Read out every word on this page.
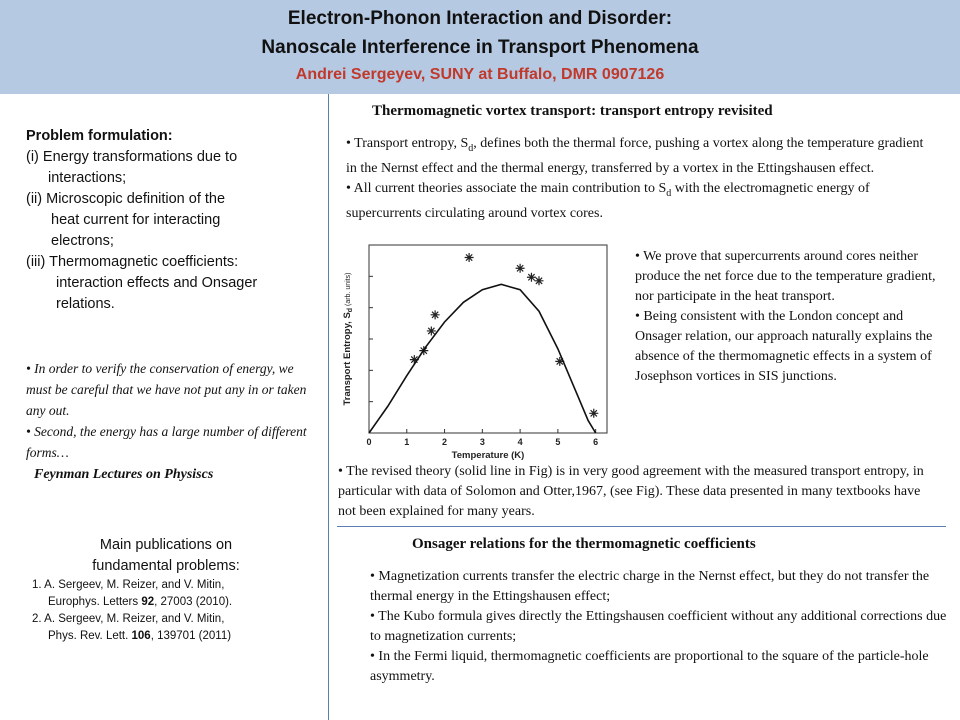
Electron-Phonon Interaction and Disorder:
Nanoscale Interference in Transport Phenomena
Andrei Sergeyev, SUNY at Buffalo, DMR 0907126
Problem formulation:
(i) Energy transformations due to
interactions;
(ii) Microscopic definition of the
heat current for interacting
electrons;
(iii) Thermomagnetic coefficients:
interaction effects and Onsager
relations.
• In order to verify the conservation of energy, we must be careful that we have not put any in or taken any out.
• Second, the energy has a large number of different forms…
Feynman Lectures on Physiscs
Main publications on
fundamental problems:
1. A. Sergeev, M. Reizer, and V. Mitin,
Europhys. Letters 92, 27003 (2010).
2. A. Sergeev, M. Reizer, and V. Mitin,
Phys. Rev. Lett. 106, 139701 (2011)
Thermomagnetic vortex transport: transport entropy revisited
• Transport entropy, $S_d$, defines both the thermal force, pushing a vortex along the temperature gradient in the Nernst effect and the thermal energy, transferred by a vortex in the Ettingshausen effect.
• All current theories associate the main contribution to $S_d$ with the electromagnetic energy of supercurrents circulating around vortex cores.
0	1	2	3	4	5	6
Temperature (K)
Transport Entropy, $S_d$ $^{(arb. units)}$
• We prove that supercurrents around cores neither produce the net force due to the temperature gradient, nor participate in the heat transport.
• Being consistent with the London concept and Onsager relation, our approach naturally explains the absence of the thermomagnetic effects in a system of Josephson vortices in SIS junctions.
• The revised theory (solid line in Fig) is in very good agreement with the measured transport entropy, in particular with data of Solomon and Otter,1967, (see Fig). These data presented in many textbooks have not been explained for many years.
Onsager relations for the thermomagnetic coefficients
• Magnetization currents transfer the electric charge in the Nernst effect, but they do not transfer the thermal energy in the Ettingshausen effect;
• The Kubo formula gives directly the Ettingshausen coefficient without any additional corrections due to magnetization currents;
• In the Fermi liquid, thermomagnetic coefficients are proportional to the square of the particle-hole asymmetry.
